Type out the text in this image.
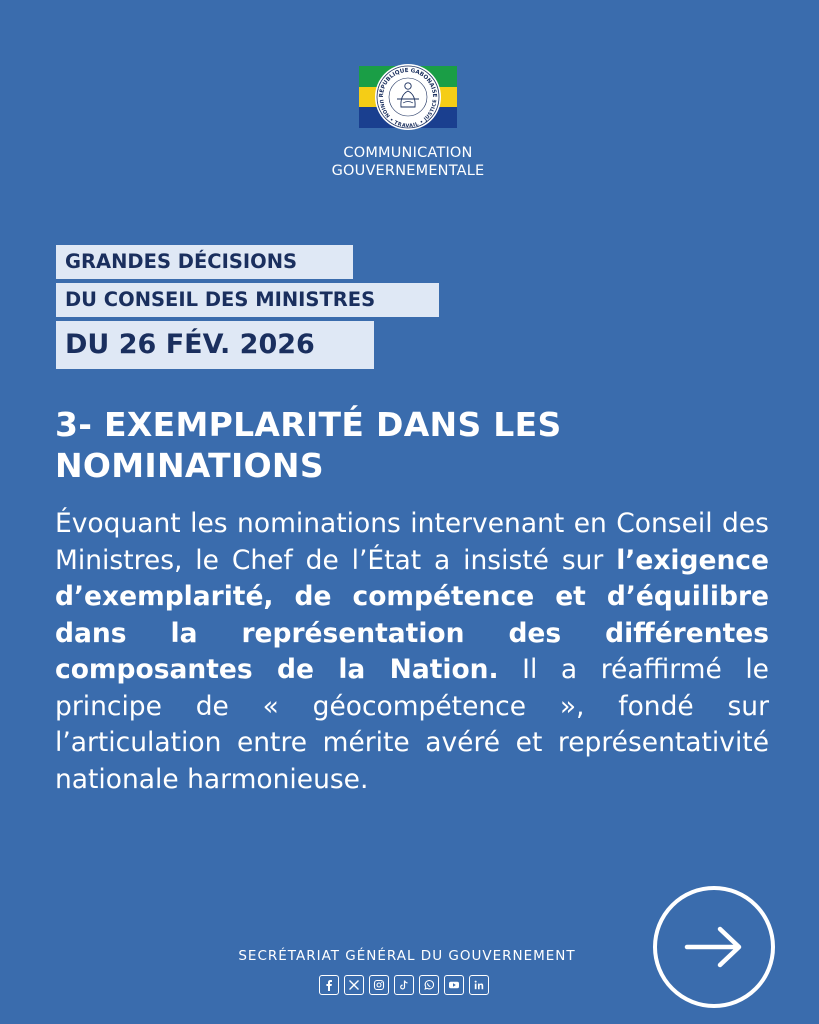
RÉPUBLIQUE GABONAISE
UNION • TRAVAIL • JUSTICE
COMMUNICATION
GOUVERNEMENTALE
GRANDES DÉCISIONS
DU CONSEIL DES MINISTRES
DU 26 FÉV. 2026
3- EXEMPLARITÉ DANS LES NOMINATIONS

Évoquant les nominations intervenant en Conseil des Ministres, le Chef de l’État a insisté sur l’exigence d’exemplarité, de compétence et d’équilibre dans la représentation des différentes composantes de la Nation. Il a réaffirmé le principe de « géocompétence », fondé sur l’articulation entre mérite avéré et représentativité nationale harmonieuse.

SECRÉTARIAT GÉNÉRAL DU GOUVERNEMENT
